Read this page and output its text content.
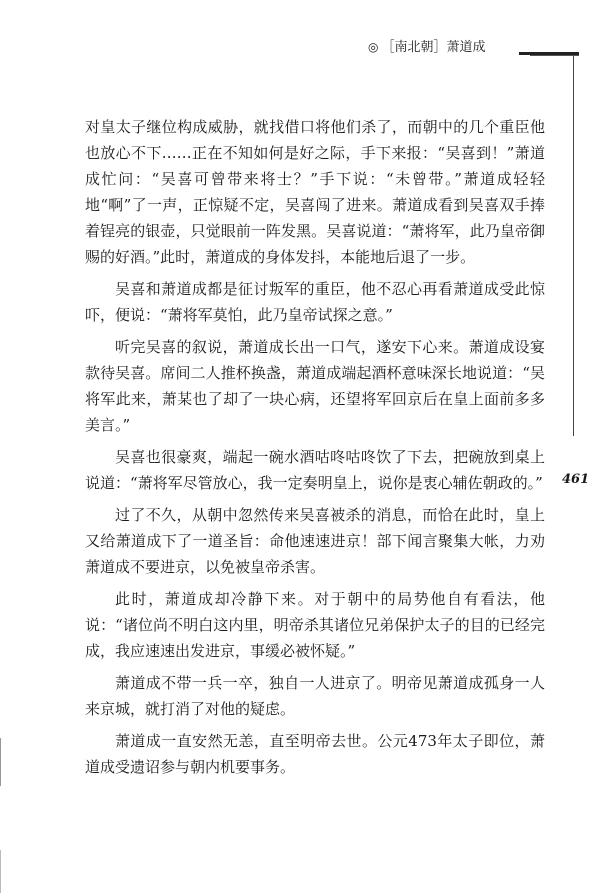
◎ ［南北朝］萧道成
461

对皇太子继位构成威胁，就找借口将他们杀了，而朝中的几个重臣他也放心不下……正在不知如何是好之际，手下来报：“吴喜到！”萧道成忙问：“吴喜可曾带来将士？”手下说：“未曾带。”萧道成轻轻地“啊”了一声，正惊疑不定，吴喜闯了进来。萧道成看到吴喜双手捧着锃亮的银壶，只觉眼前一阵发黑。吴喜说道：“萧将军，此乃皇帝御赐的好酒。”此时，萧道成的身体发抖，本能地后退了一步。

吴喜和萧道成都是征讨叛军的重臣，他不忍心再看萧道成受此惊吓，便说：“萧将军莫怕，此乃皇帝试探之意。”

听完吴喜的叙说，萧道成长出一口气，遂安下心来。萧道成设宴款待吴喜。席间二人推杯换盏，萧道成端起酒杯意味深长地说道：“吴将军此来，萧某也了却了一块心病，还望将军回京后在皇上面前多多美言。”

吴喜也很豪爽，端起一碗水酒咕咚咕咚饮了下去，把碗放到桌上说道：“萧将军尽管放心，我一定奏明皇上，说你是衷心辅佐朝政的。”

过了不久，从朝中忽然传来吴喜被杀的消息，而恰在此时，皇上又给萧道成下了一道圣旨：命他速速进京！部下闻言聚集大帐，力劝萧道成不要进京，以免被皇帝杀害。

此时，萧道成却冷静下来。对于朝中的局势他自有看法，他说：“诸位尚不明白这内里，明帝杀其诸位兄弟保护太子的目的已经完成，我应速速出发进京，事缓必被怀疑。”

萧道成不带一兵一卒，独自一人进京了。明帝见萧道成孤身一人来京城，就打消了对他的疑虑。

萧道成一直安然无恙，直至明帝去世。公元473年太子即位，萧道成受遗诏参与朝内机要事务。
